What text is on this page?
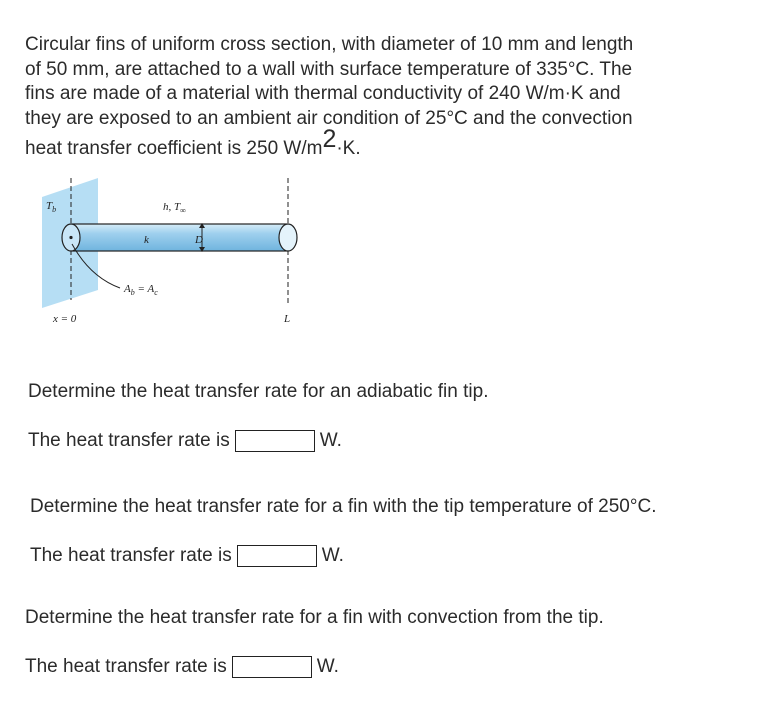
Circular fins of uniform cross section, with diameter of 10 mm and length
of 50 mm, are attached to a wall with surface temperature of 335°C. The
fins are made of a material with thermal conductivity of 240 W/m·K and
they are exposed to an ambient air condition of 25°C and the convection
heat transfer coefficient is 250 $W/m^2\cdot K$.
$T_b$	h, $T_\infty$
k	D
$A_b = A_c$
x = 0	L
Determine the heat transfer rate for an adiabatic fin tip.
The heat transfer rate is	W.
Determine the heat transfer rate for a fin with the tip temperature of 250°C.
The heat transfer rate is	W.
Determine the heat transfer rate for a fin with convection from the tip.
The heat transfer rate is	W.
